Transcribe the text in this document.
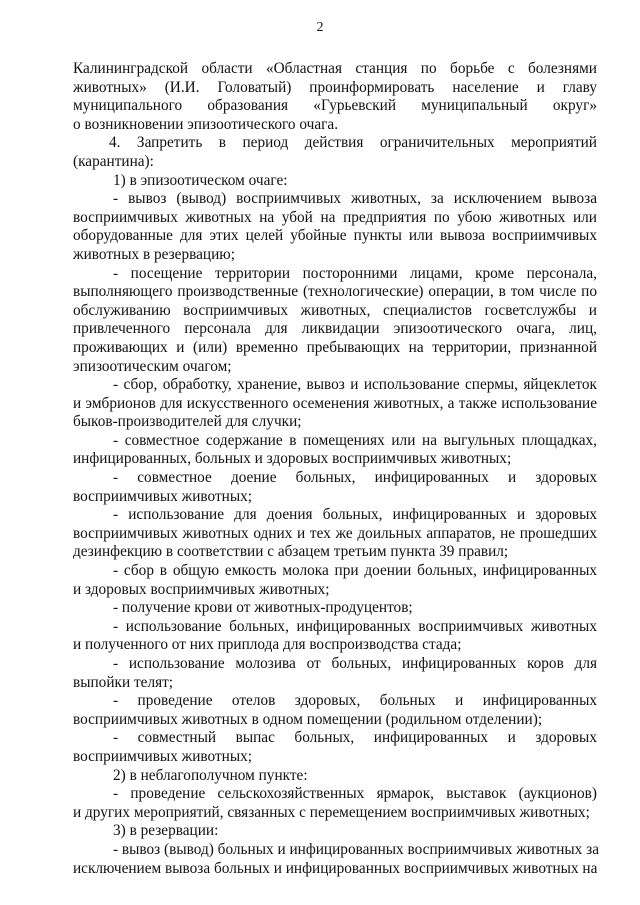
2
Калининградской области «Областная станция по борьбе с болезнями
животных» (И.И. Головатый) проинформировать население и главу
муниципального образования «Гурьевский муниципальный округ»
о возникновении эпизоотического очага.
4. Запретить в период действия ограничительных мероприятий
(карантина):
1) в эпизоотическом очаге:
- вывоз (вывод) восприимчивых животных, за исключением вывоза
восприимчивых животных на убой на предприятия по убою животных или
оборудованные для этих целей убойные пункты или вывоза восприимчивых
животных в резервацию;
- посещение территории посторонними лицами, кроме персонала,
выполняющего производственные (технологические) операции, в том числе по
обслуживанию восприимчивых животных, специалистов госветслужбы и
привлеченного персонала для ликвидации эпизоотического очага, лиц,
проживающих и (или) временно пребывающих на территории, признанной
эпизоотическим очагом;
- сбор, обработку, хранение, вывоз и использование спермы, яйцеклеток
и эмбрионов для искусственного осеменения животных, а также использование
быков-производителей для случки;
- совместное содержание в помещениях или на выгульных площадках,
инфицированных, больных и здоровых восприимчивых животных;
- совместное доение больных, инфицированных и здоровых
восприимчивых животных;
- использование для доения больных, инфицированных и здоровых
восприимчивых животных одних и тех же доильных аппаратов, не прошедших
дезинфекцию в соответствии с абзацем третьим пункта 39 правил;
- сбор в общую емкость молока при доении больных, инфицированных
и здоровых восприимчивых животных;
- получение крови от животных-продуцентов;
- использование больных, инфицированных восприимчивых животных
и полученного от них приплода для воспроизводства стада;
- использование молозива от больных, инфицированных коров для
выпойки телят;
- проведение отелов здоровых, больных и инфицированных
восприимчивых животных в одном помещении (родильном отделении);
- совместный выпас больных, инфицированных и здоровых
восприимчивых животных;
2) в неблагополучном пункте:
- проведение сельскохозяйственных ярмарок, выставок (аукционов)
и других мероприятий, связанных с перемещением восприимчивых животных;
3) в резервации:
- вывоз (вывод) больных и инфицированных восприимчивых животных за
исключением вывоза больных и инфицированных восприимчивых животных на
